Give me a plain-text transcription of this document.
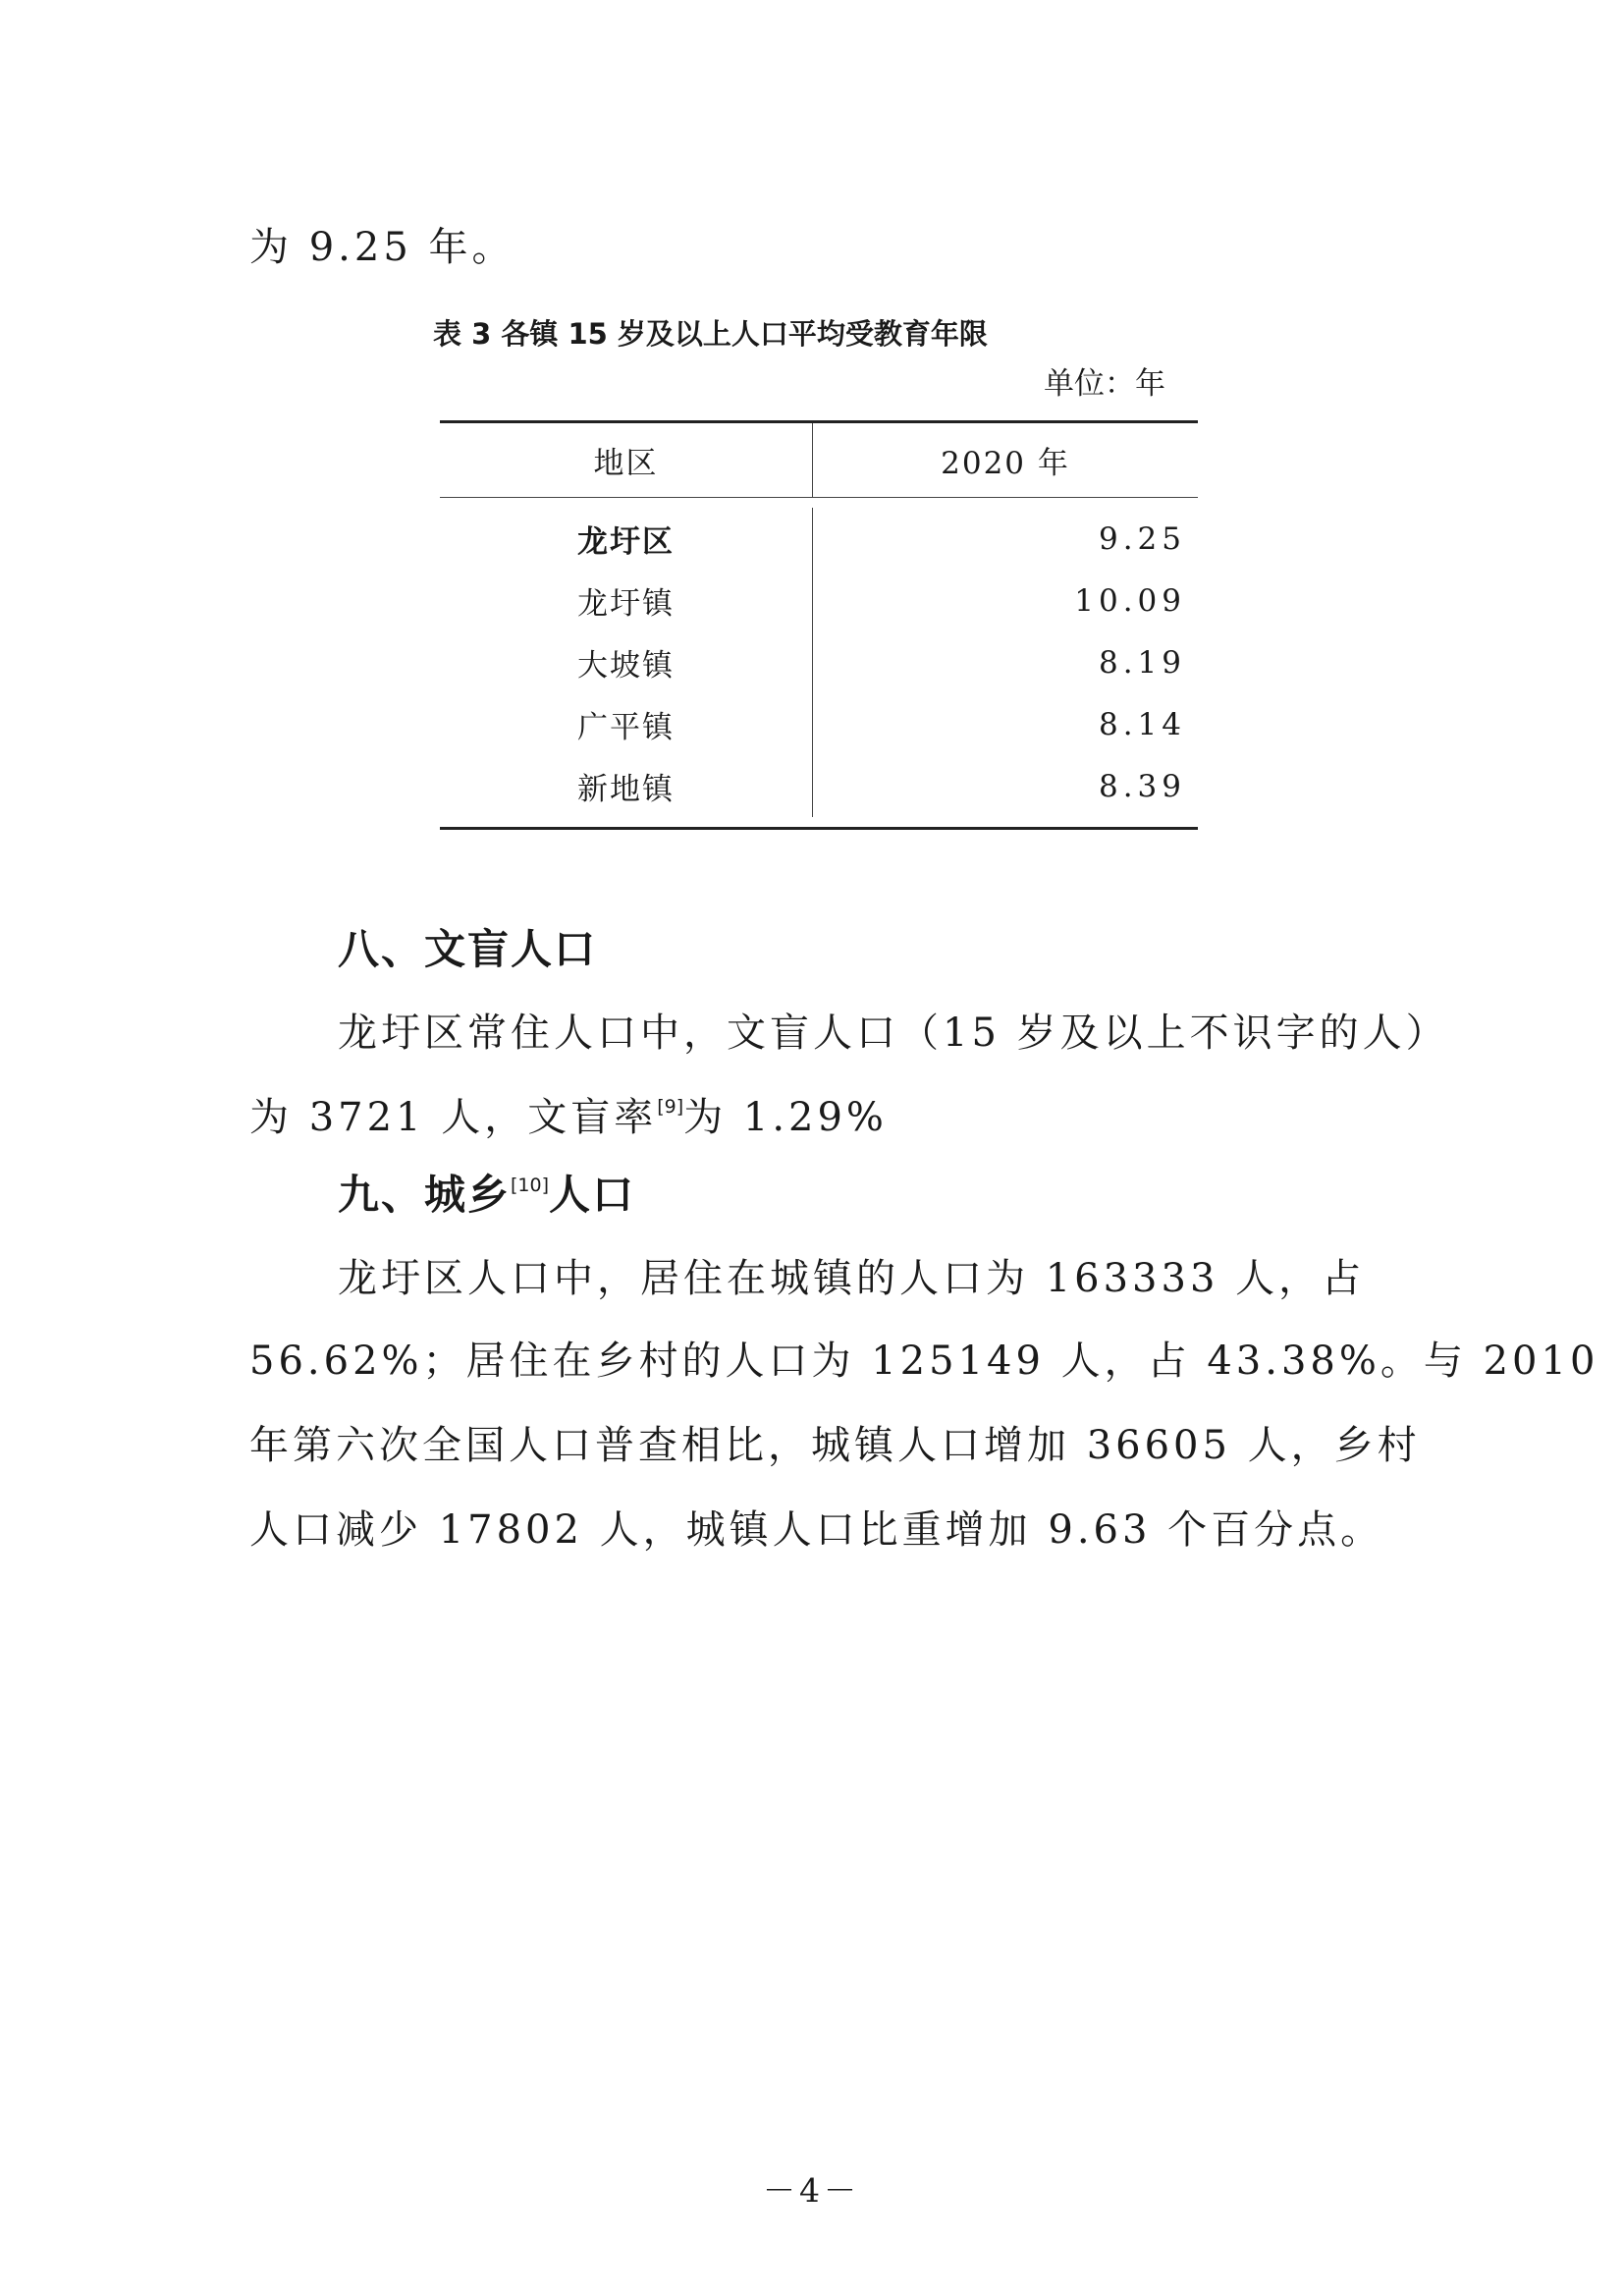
为 9.25 年。
表 3 各镇 15 岁及以上人口平均受教育年限
单位：年
地区	2020 年
龙圩区	9.25
龙圩镇	10.09
大坡镇	8.19
广平镇	8.14
新地镇	8.39
八、文盲人口
龙圩区常住人口中，文盲人口（15 岁及以上不识字的人）
为 3721 人，文盲率[9]为 1.29%
九、城乡[10]人口
龙圩区人口中，居住在城镇的人口为 163333 人，占
56.62%；居住在乡村的人口为 125149 人，占 43.38%。与 2010
年第六次全国人口普查相比，城镇人口增加 36605 人，乡村
人口减少 17802 人，城镇人口比重增加 9.63 个百分点。
－4－
